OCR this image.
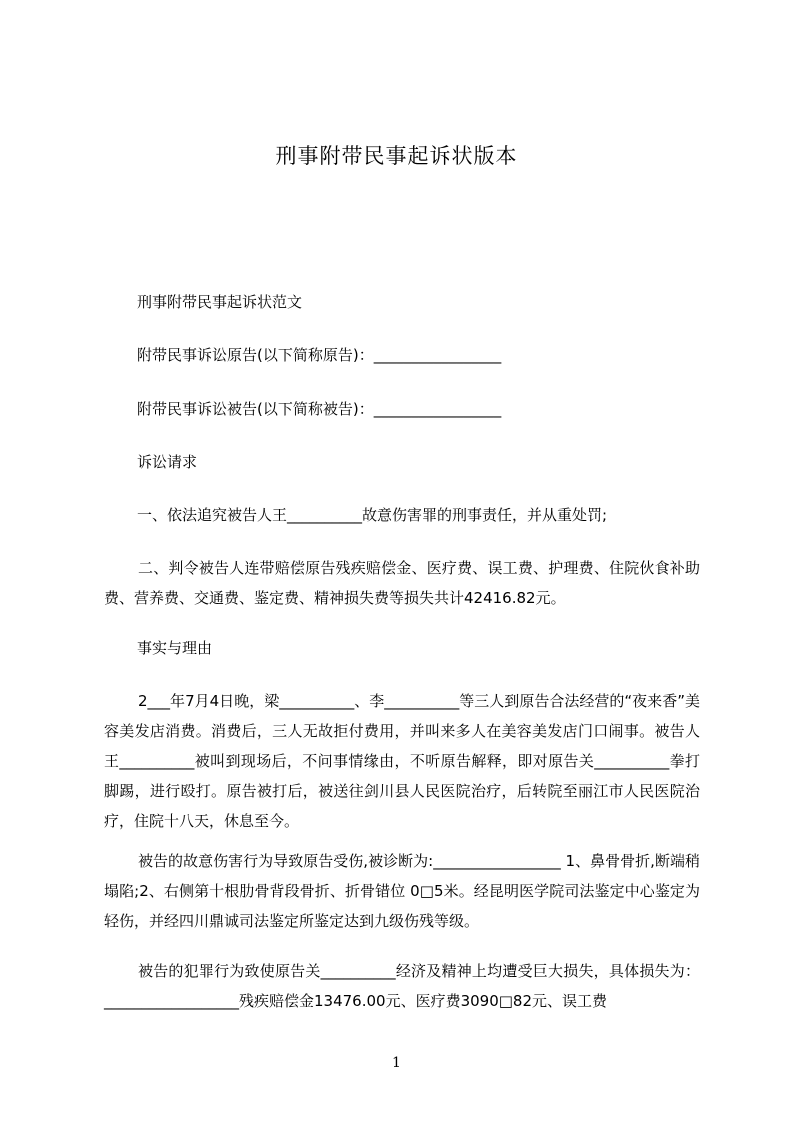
刑事附带民事起诉状版本
刑事附带民事起诉状范文
附带民事诉讼原告(以下简称原告)：_________________
附带民事诉讼被告(以下简称被告)：_________________
诉讼请求
一、依法追究被告人王__________故意伤害罪的刑事责任，并从重处罚;
二、判令被告人连带赔偿原告残疾赔偿金、医疗费、误工费、护理费、住院伙食补助费、营养费、交通费、鉴定费、精神损失费等损失共计42416.82元。
事实与理由
2___年7月4日晚，梁__________、李__________等三人到原告合法经营的“夜来香”美容美发店消费。消费后，三人无故拒付费用，并叫来多人在美容美发店门口闹事。被告人王__________被叫到现场后，不问事情缘由，不听原告解释，即对原告关__________拳打脚踢，进行殴打。原告被打后，被送往剑川县人民医院治疗，后转院至丽江市人民医院治疗，住院十八天，休息至今。
被告的故意伤害行为导致原告受伤,被诊断为:_________________ 1、鼻骨骨折,断端稍塌陷;2、右侧第十根肋骨背段骨折、折骨错位 0□5米。经昆明医学院司法鉴定中心鉴定为轻伤，并经四川鼎诚司法鉴定所鉴定达到九级伤残等级。
被告的犯罪行为致使原告关__________经济及精神上均遭受巨大损失，具体损失为：__________________残疾赔偿金13476.00元、医疗费3090□82元、误工费
1
